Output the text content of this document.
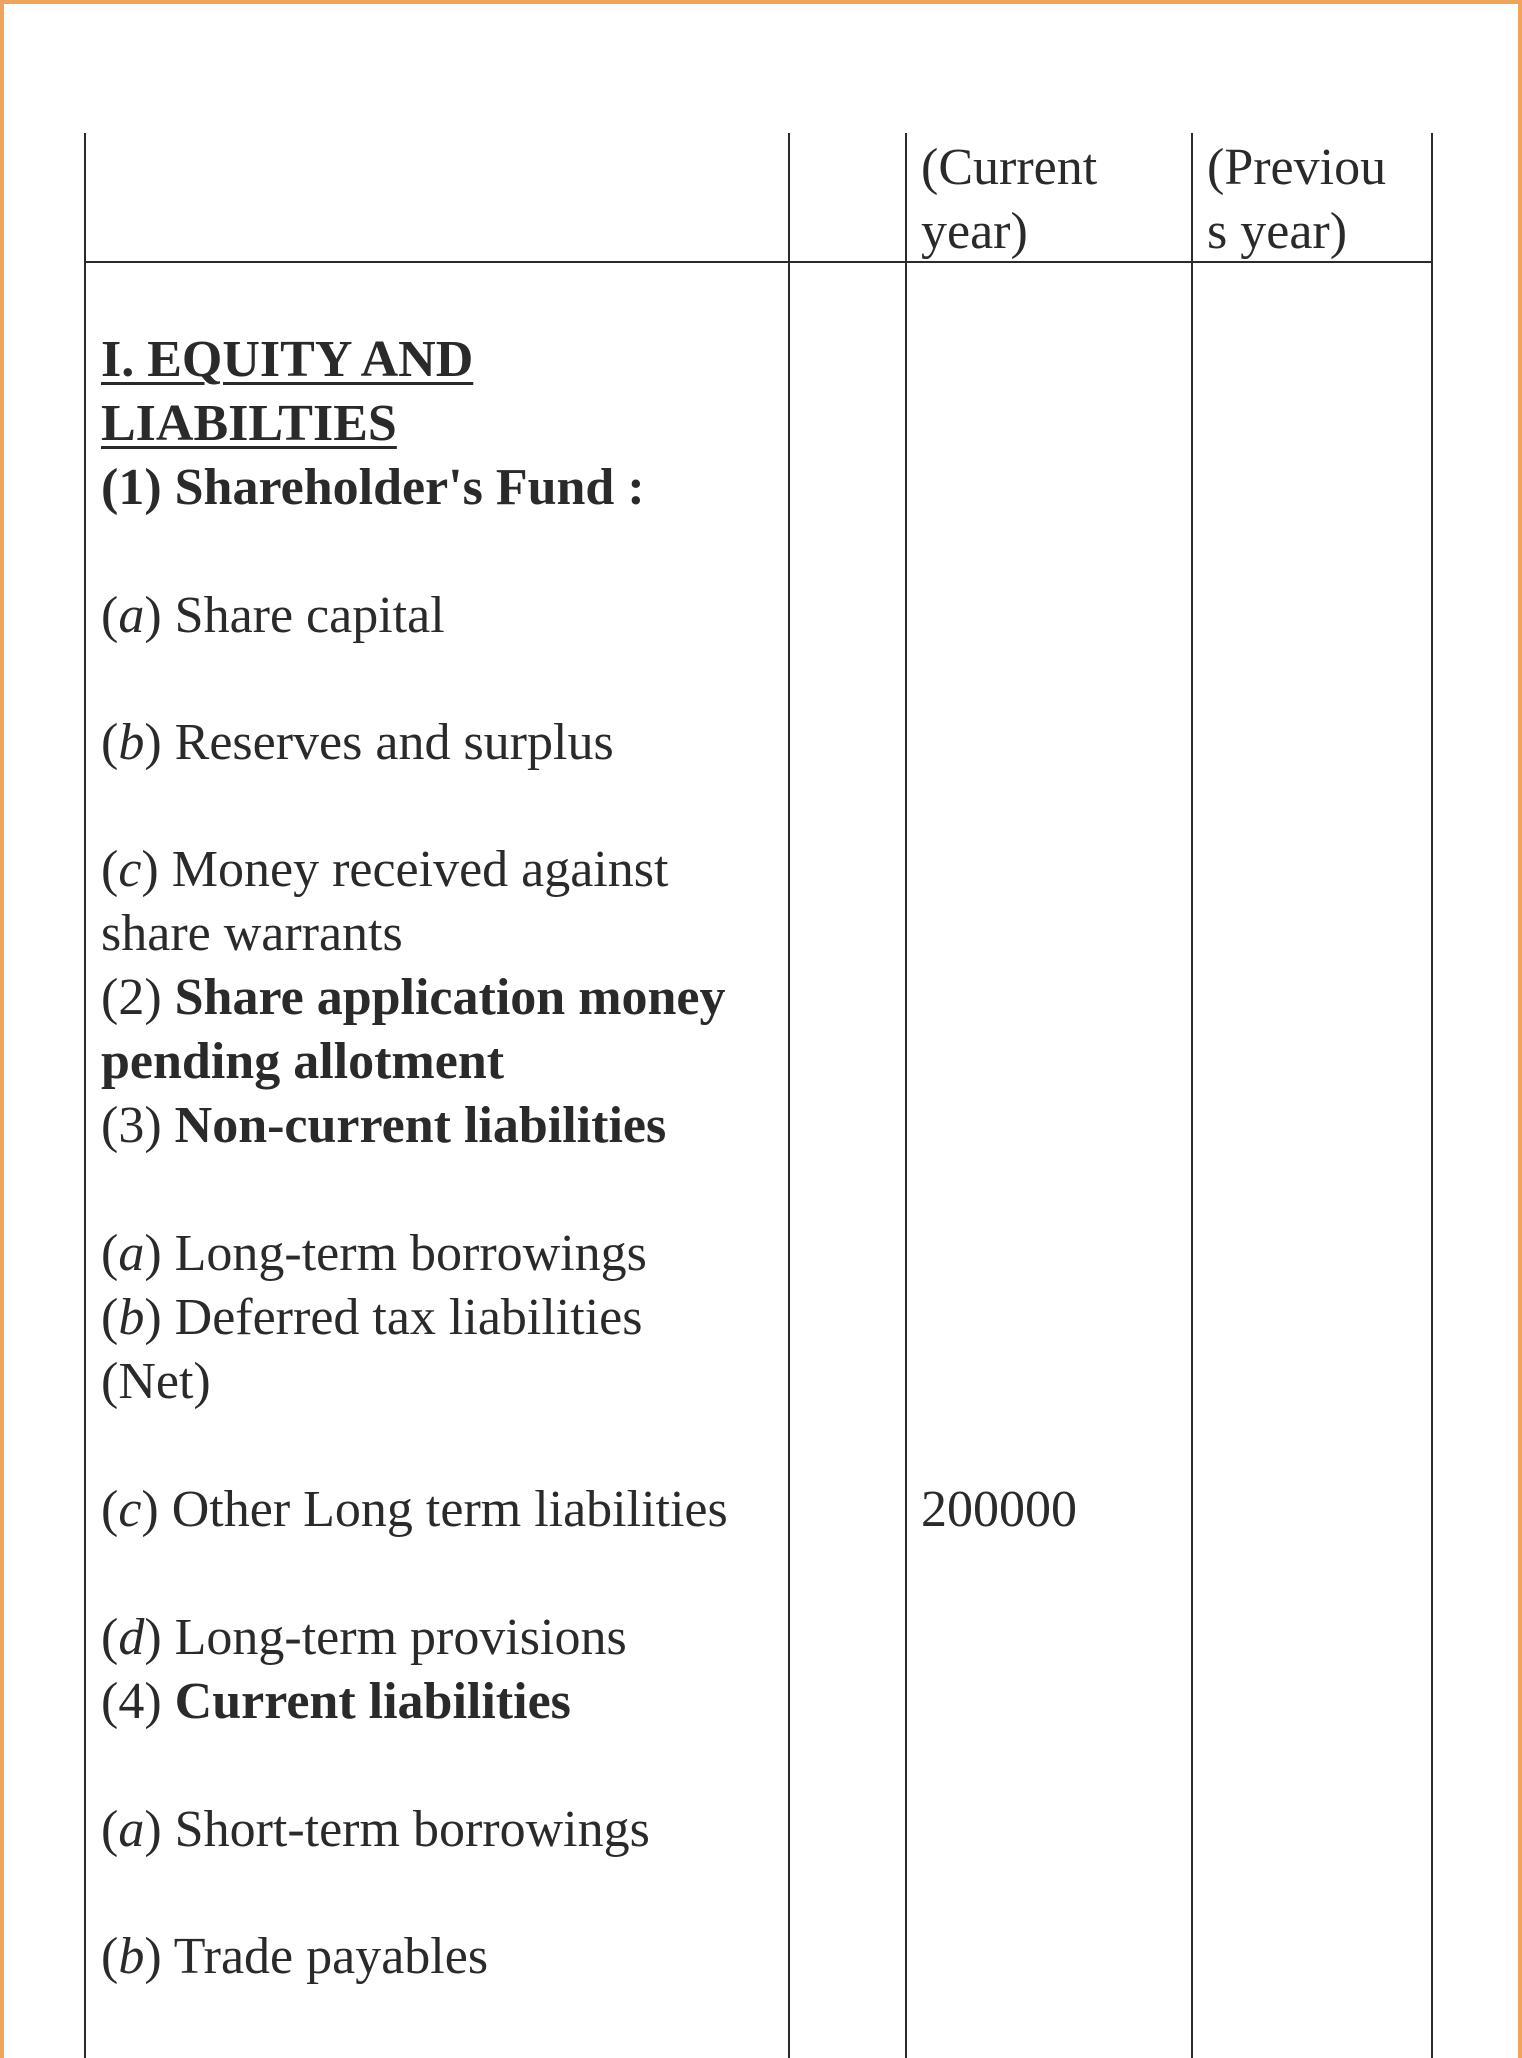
(Current
year)
(Previou
s year)
I. EQUITY AND
LIABILTIES
(1) Shareholder's Fund :
(a) Share capital
(b) Reserves and surplus
(c) Money received against
share warrants
(2) Share application money
pending allotment
(3) Non-current liabilities
(a) Long-term borrowings
(b) Deferred tax liabilities
(Net)
(c) Other Long term liabilities	200000
(d) Long-term provisions
(4) Current liabilities
(a) Short-term borrowings
(b) Trade payables
